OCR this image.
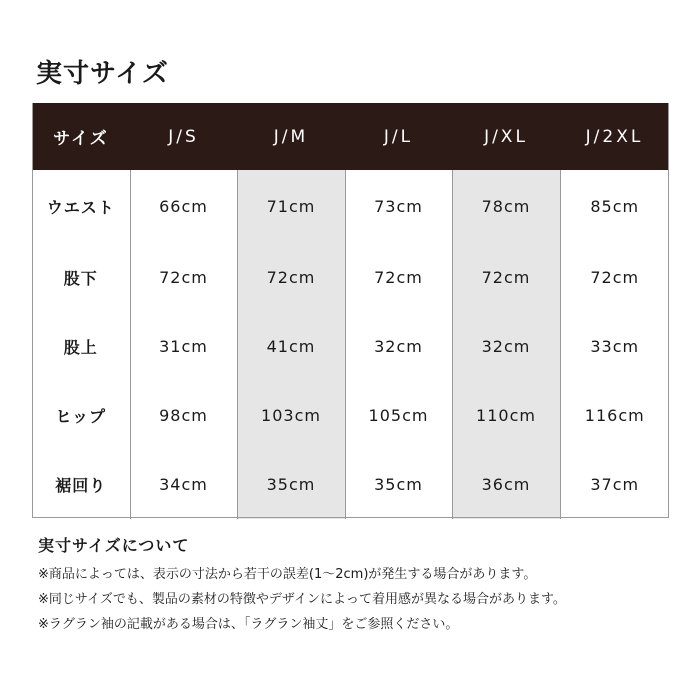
実寸サイズ
サイズ	J/S	J/M	J/L	J/XL	J/2XL
ウエスト	66cm	71cm	73cm	78cm	85cm
股下	72cm	72cm	72cm	72cm	72cm
股上	31cm	41cm	32cm	32cm	33cm
ヒップ	98cm	103cm	105cm	110cm	116cm
裾回り	34cm	35cm	35cm	36cm	37cm
実寸サイズについて
※商品によっては、表示の寸法から若干の誤差(1〜2cm)が発生する場合があります。
※同じサイズでも、製品の素材の特徴やデザインによって着用感が異なる場合があります。
※ラグラン袖の記載がある場合は、「ラグラン袖丈」をご参照ください。
